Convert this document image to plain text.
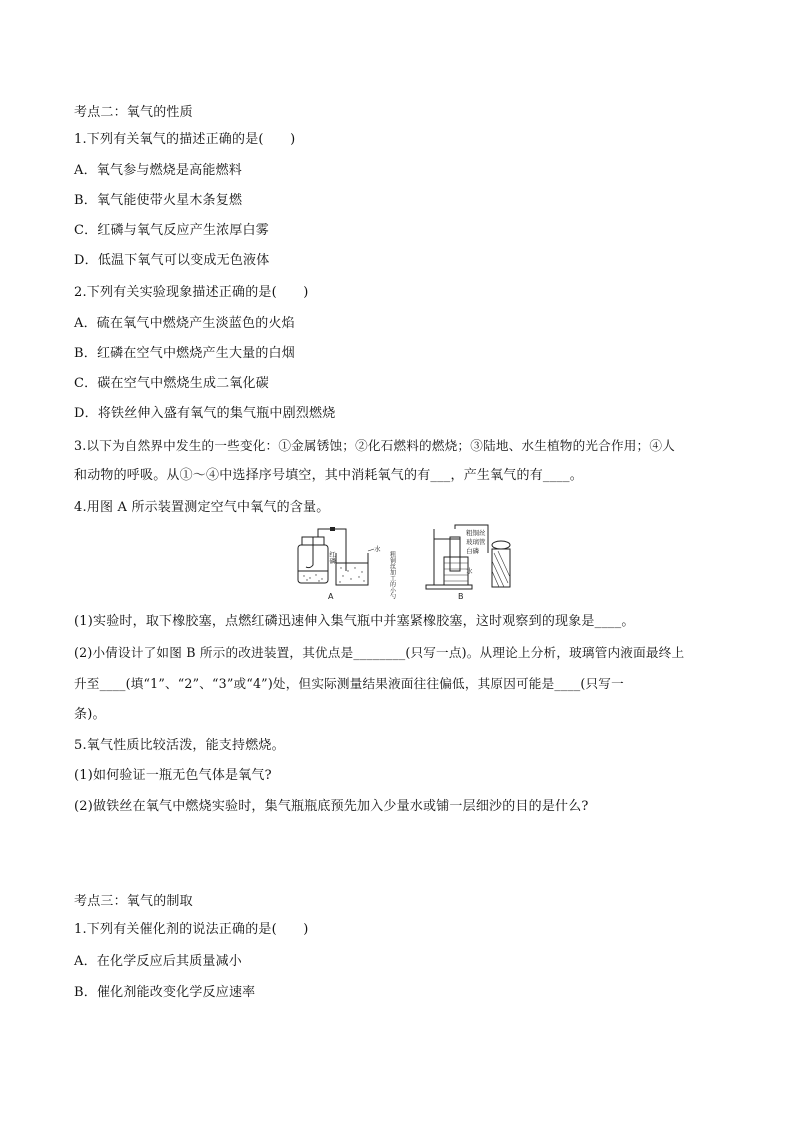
考点二：氧气的性质
1.下列有关氧气的描述正确的是(　　)
A．氧气参与燃烧是高能燃料
B．氧气能使带火星木条复燃
C．红磷与氧气反应产生浓厚白雾
D．低温下氧气可以变成无色液体
2.下列有关实验现象描述正确的是(　　)
A．硫在氧气中燃烧产生淡蓝色的火焰
B．红磷在空气中燃烧产生大量的白烟
C．碳在空气中燃烧生成二氧化碳
D．将铁丝伸入盛有氧气的集气瓶中剧烈燃烧
3.以下为自然界中发生的一些变化：①金属锈蚀；②化石燃料的燃烧；③陆地、水生植物的光合作用；④人
和动物的呼吸。从①～④中选择序号填空，其中消耗氧气的有___，产生氧气的有____。
4.用图 A 所示装置测定空气中氧气的含量。
红磷
水
A	粗铜丝加工的小勺
粗铜丝
玻璃管
白磷
水
B
(1)实验时，取下橡胶塞，点燃红磷迅速伸入集气瓶中并塞紧橡胶塞，这时观察到的现象是____。
(2)小倩设计了如图 B 所示的改进装置，其优点是________(只写一点)。从理论上分析，玻璃管内液面最终上
升至____(填“1”、“2”、“3”或“4”)处，但实际测量结果液面往往偏低，其原因可能是____(只写一
条)。
5.氧气性质比较活泼，能支持燃烧。
(1)如何验证一瓶无色气体是氧气?
(2)做铁丝在氧气中燃烧实验时，集气瓶瓶底预先加入少量水或铺一层细沙的目的是什么?
考点三：氧气的制取
1.下列有关催化剂的说法正确的是(　　)
A．在化学反应后其质量减小
B．催化剂能改变化学反应速率
